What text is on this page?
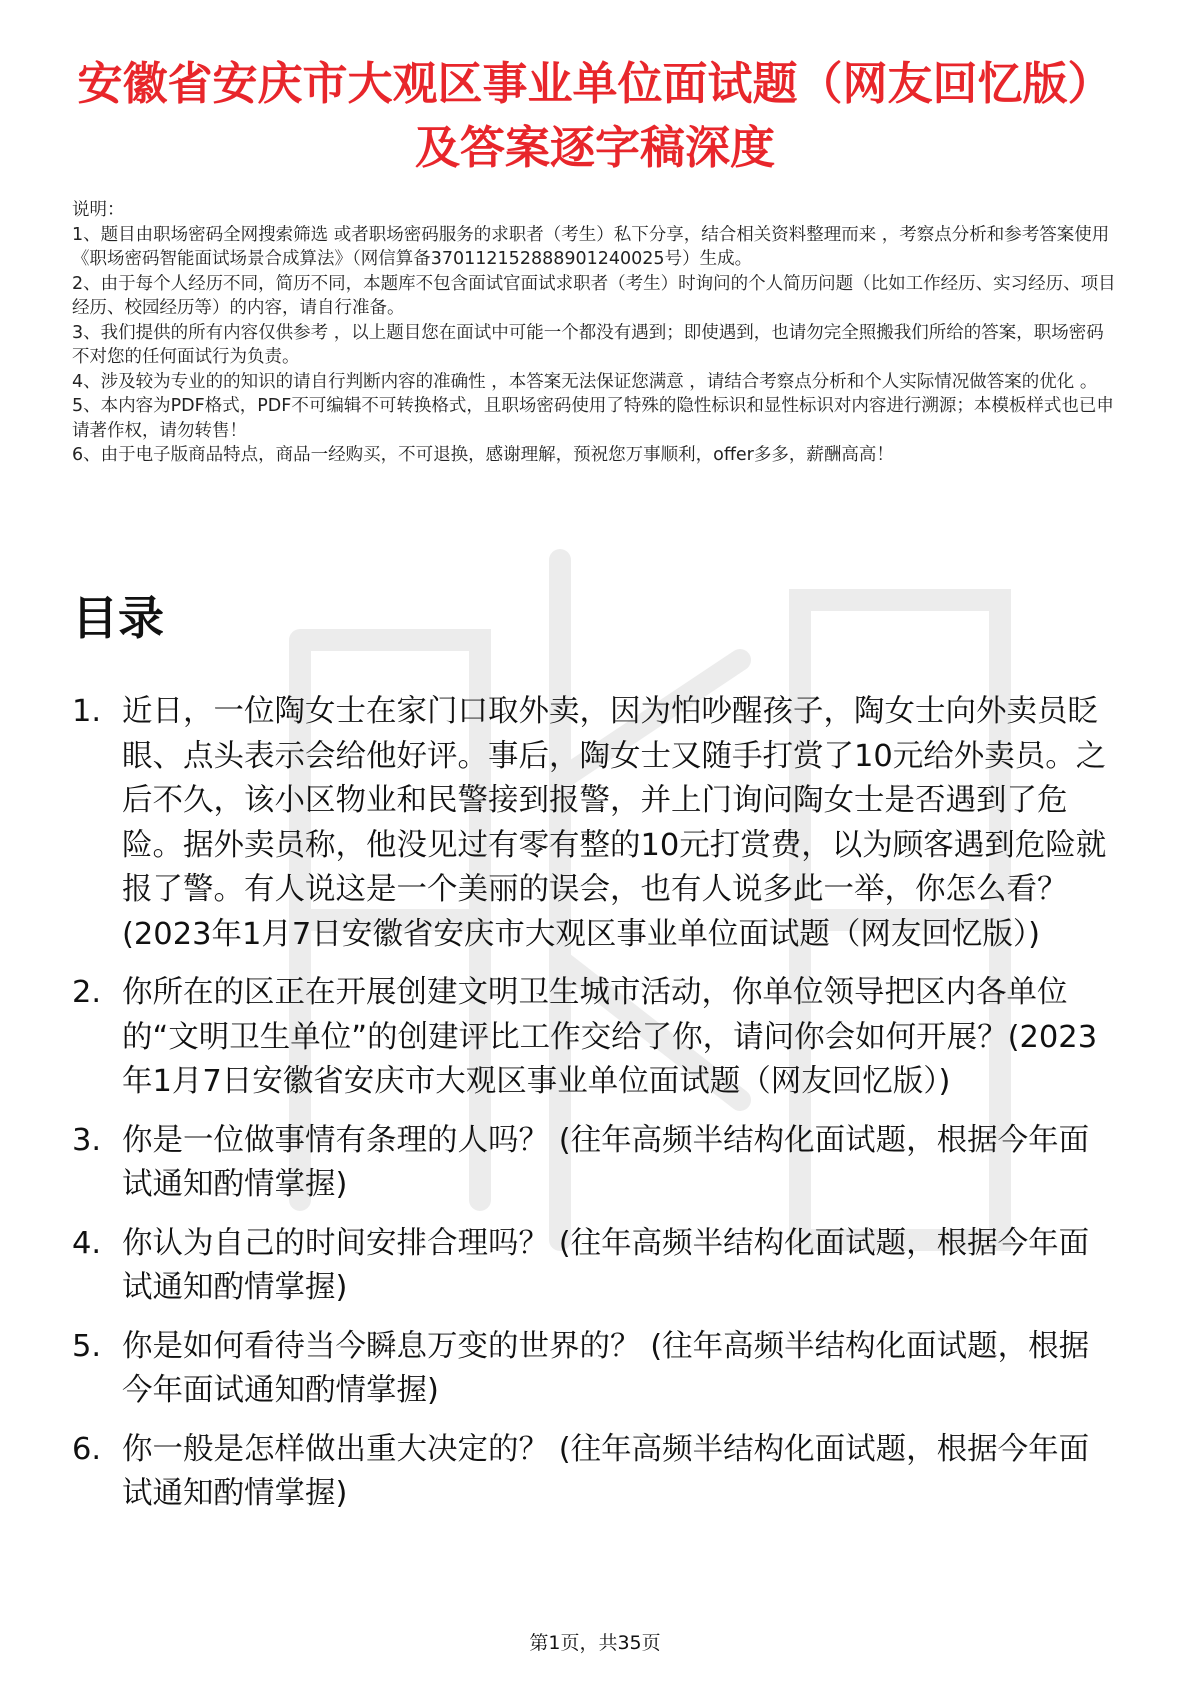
安徽省安庆市大观区事业单位面试题（网友回忆版）及答案逐字稿深度

说明：

1、题目由职场密码全网搜索筛选 或者职场密码服务的求职者（考生）私下分享，结合相关资料整理而来 ，考察点分析和参考答案使用《职场密码智能面试场景合成算法》（网信算备370112152888901240025号）生成。

2、由于每个人经历不同，简历不同，本题库不包含面试官面试求职者（考生）时询问的个人简历问题（比如工作经历、实习经历、项目经历、校园经历等）的内容，请自行准备。

3、我们提供的所有内容仅供参考 ，以上题目您在面试中可能一个都没有遇到；即使遇到，也请勿完全照搬我们所给的答案，职场密码不对您的任何面试行为负责。

4、涉及较为专业的的知识的请自行判断内容的准确性 ，本答案无法保证您满意 ，请结合考察点分析和个人实际情况做答案的优化 。

5、本内容为PDF格式，PDF不可编辑不可转换格式，且职场密码使用了特殊的隐性标识和显性标识对内容进行溯源；本模板样式也已申请著作权，请勿转售！

6、由于电子版商品特点，商品一经购买，不可退换，感谢理解，预祝您万事顺利，offer多多，薪酬高高！

目录
1. 近日，一位陶女士在家门口取外卖，因为怕吵醒孩子，陶女士向外卖员眨眼、点头表示会给他好评。事后，陶女士又随手打赏了10元给外卖员。之后不久，该小区物业和民警接到报警，并上门询问陶女士是否遇到了危险。据外卖员称，他没见过有零有整的10元打赏费，以为顾客遇到危险就报了警。有人说这是一个美丽的误会，也有人说多此一举，你怎么看？(2023年1月7日安徽省安庆市大观区事业单位面试题（网友回忆版）)
2. 你所在的区正在开展创建文明卫生城市活动，你单位领导把区内各单位的“文明卫生单位”的创建评比工作交给了你，请问你会如何开展？(2023年1月7日安徽省安庆市大观区事业单位面试题（网友回忆版）)
3. 你是一位做事情有条理的人吗？ (往年高频半结构化面试题，根据今年面试通知酌情掌握)
4. 你认为自己的时间安排合理吗？ (往年高频半结构化面试题，根据今年面试通知酌情掌握)
5. 你是如何看待当今瞬息万变的世界的？ (往年高频半结构化面试题，根据今年面试通知酌情掌握)
6. 你一般是怎样做出重大决定的？ (往年高频半结构化面试题，根据今年面试通知酌情掌握)
第1页，共35页
